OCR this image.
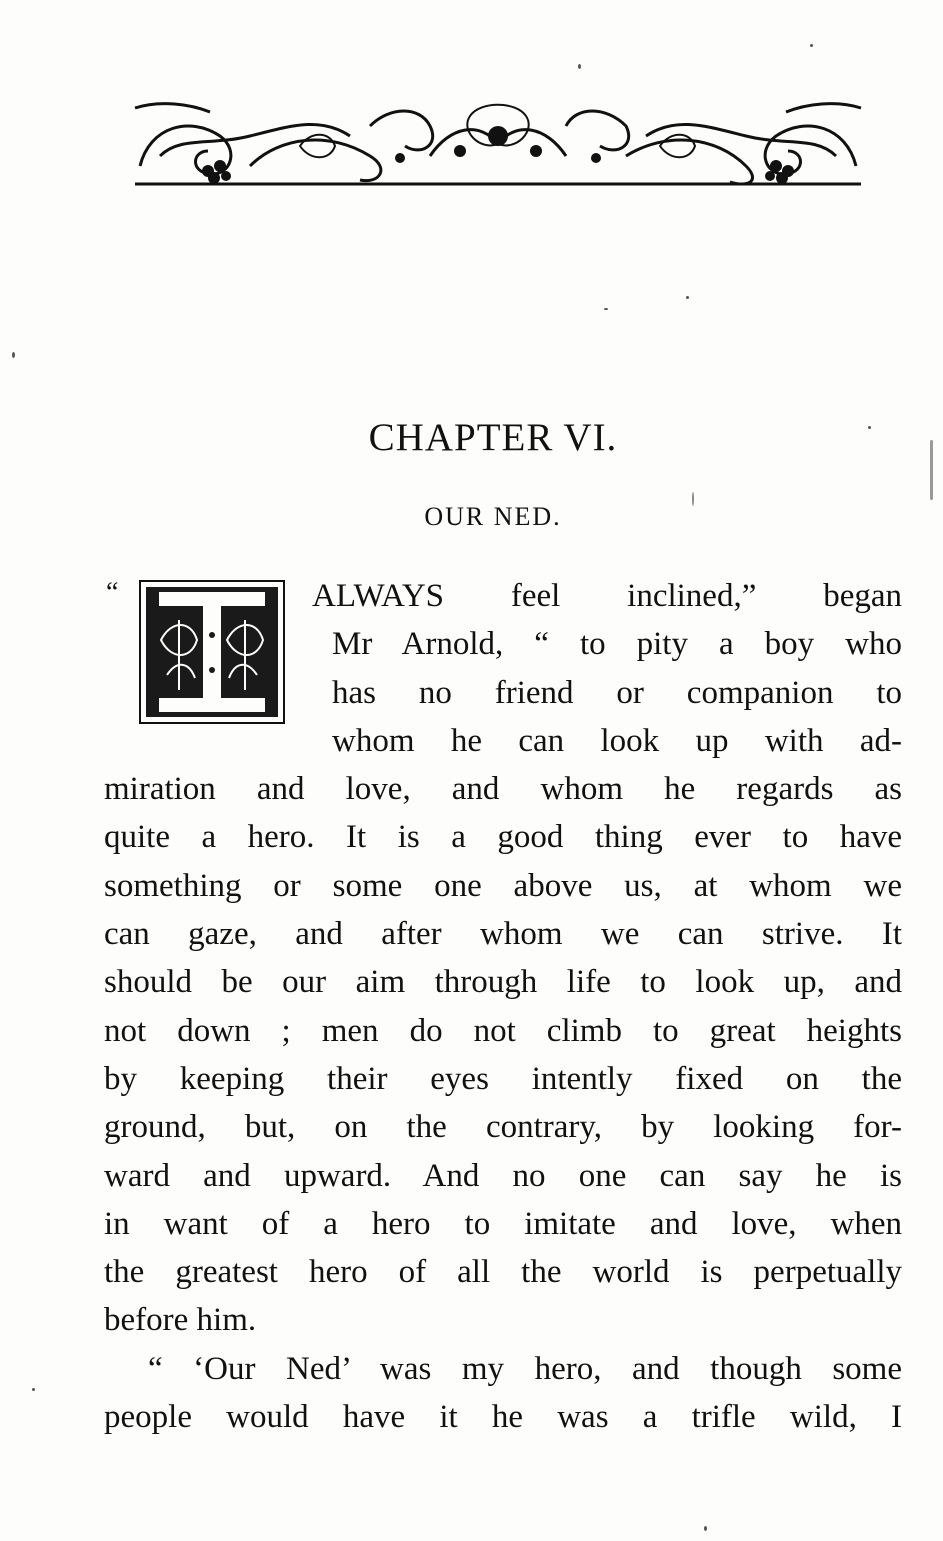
CHAPTER VI.
OUR NED.
“	ALWAYS feel inclined,” began
Mr Arnold, “ to pity a boy who
has no friend or companion to
whom he can look up with ad-
miration and love, and whom he regards as
quite a hero. It is a good thing ever to have
something or some one above us, at whom we
can gaze, and after whom we can strive. It
should be our aim through life to look up, and
not down ; men do not climb to great heights
by keeping their eyes intently fixed on the
ground, but, on the contrary, by looking for-
ward and upward. And no one can say he is
in want of a hero to imitate and love, when
the greatest hero of all the world is perpetually
before him.
“ ‘Our Ned’ was my hero, and though some
people would have it he was a trifle wild, I
